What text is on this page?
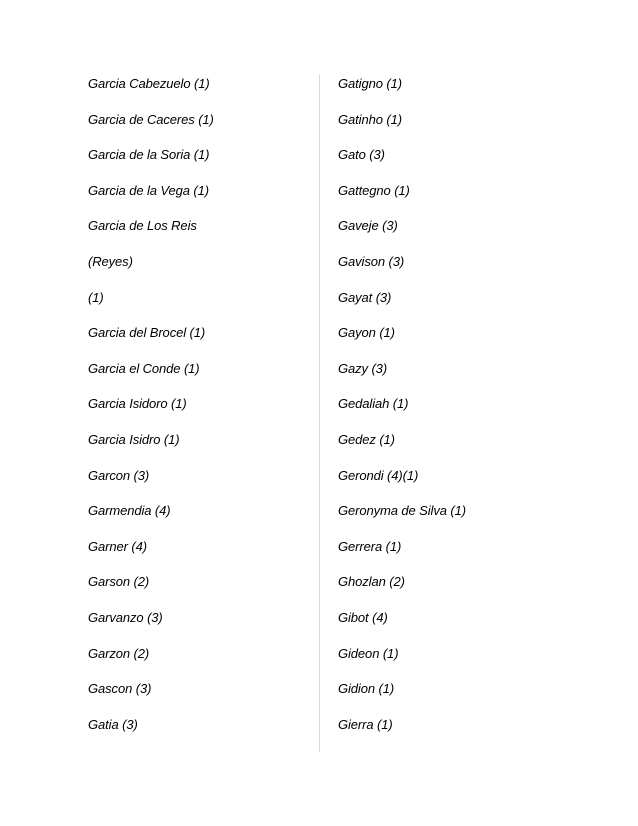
Garcia Cabezuelo (1)
Garcia de Caceres (1)
Garcia de la Soria (1)
Garcia de la Vega (1)
Garcia de Los Reis
(Reyes)
(1)
Garcia del Brocel (1)
Garcia el Conde (1)
Garcia Isidoro (1)
Garcia Isidro (1)
Garcon (3)
Garmendia (4)
Garner (4)
Garson (2)
Garvanzo (3)
Garzon (2)
Gascon (3)
Gatia (3)
Gatigno (1)
Gatinho (1)
Gato (3)
Gattegno (1)
Gaveje (3)
Gavison (3)
Gayat (3)
Gayon (1)
Gazy (3)
Gedaliah (1)
Gedez (1)
Gerondi (4)(1)
Geronyma de Silva (1)
Gerrera (1)
Ghozlan (2)
Gibot (4)
Gideon (1)
Gidion (1)
Gierra (1)
